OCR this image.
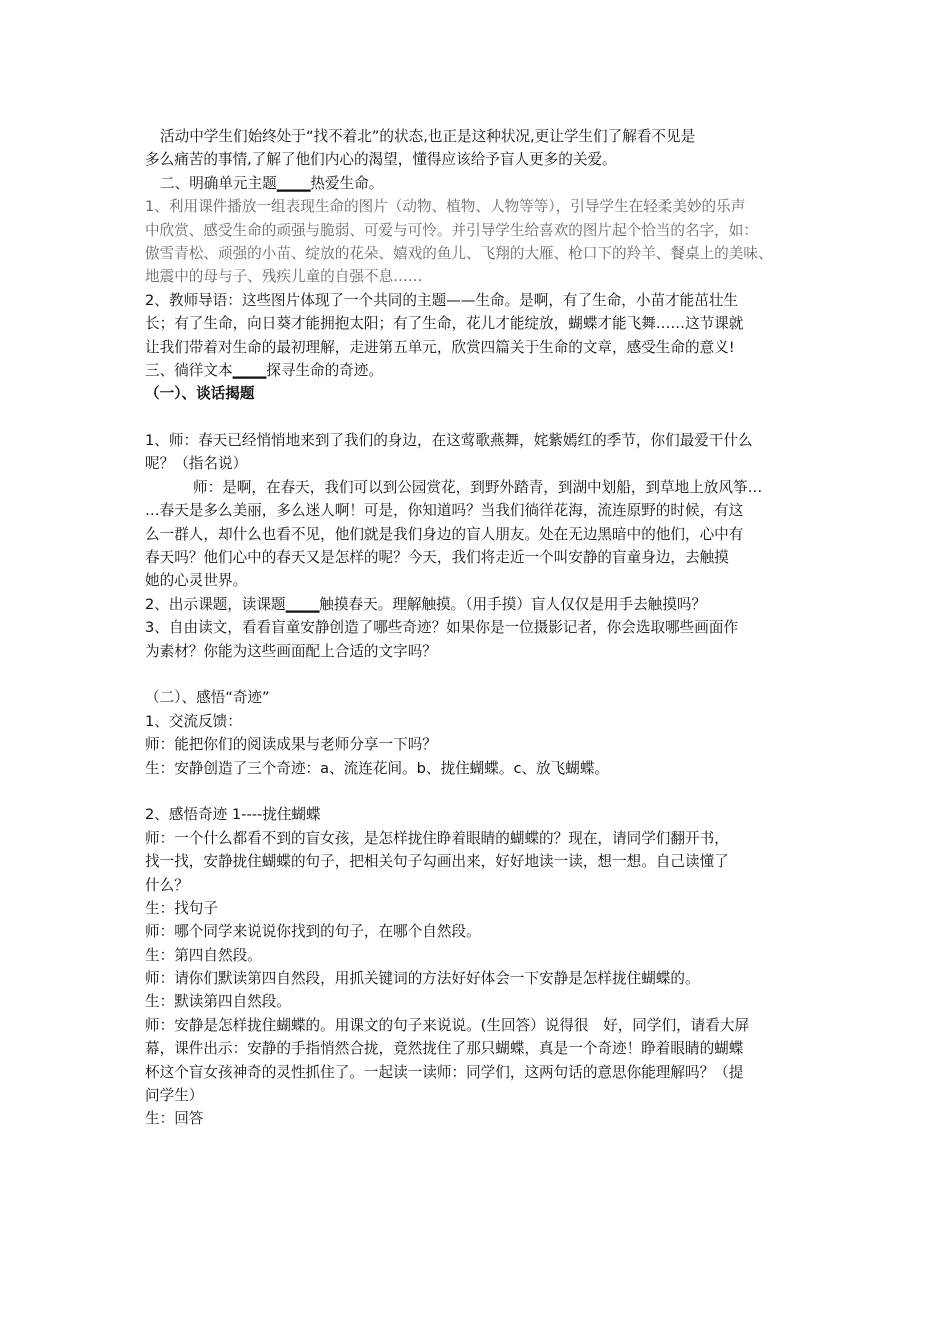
活动中学生们始终处于“找不着北”的状态,也正是这种状况,更让学生们了解看不见是
多么痛苦的事情,了解了他们内心的渴望，懂得应该给予盲人更多的关爱。
二、明确单元主题▁▁▁热爱生命。
1、利用课件播放一组表现生命的图片（动物、植物、人物等等），引导学生在轻柔美妙的乐声
中欣赏、感受生命的顽强与脆弱、可爱与可怜。并引导学生给喜欢的图片起个恰当的名字，如：
傲雪青松、顽强的小苗、绽放的花朵、嬉戏的鱼儿、飞翔的大雁、枪口下的羚羊、餐桌上的美味、
地震中的母与子、残疾儿童的自强不息……
2、教师导语：这些图片体现了一个共同的主题——生命。是啊，有了生命，小苗才能茁壮生
长；有了生命，向日葵才能拥抱太阳；有了生命，花儿才能绽放，蝴蝶才能飞舞……这节课就
让我们带着对生命的最初理解，走进第五单元，欣赏四篇关于生命的文章，感受生命的意义!
三、徜徉文本▁▁▁探寻生命的奇迹。
（一）、谈话揭题
1、师：春天已经悄悄地来到了我们的身边，在这莺歌燕舞，姹紫嫣红的季节，你们最爱干什么
呢？（指名说）
师：是啊，在春天，我们可以到公园赏花，到野外踏青，到湖中划船，到草地上放风筝…
…春天是多么美丽，多么迷人啊！可是，你知道吗？当我们徜徉花海，流连原野的时候，有这
么一群人，却什么也看不见，他们就是我们身边的盲人朋友。处在无边黑暗中的他们，心中有
春天吗？他们心中的春天又是怎样的呢？今天，我们将走近一个叫安静的盲童身边，去触摸
她的心灵世界。
2、出示课题，读课题▁▁▁触摸春天。理解触摸。（用手摸）盲人仅仅是用手去触摸吗？
3、自由读文，看看盲童安静创造了哪些奇迹？如果你是一位摄影记者，你会选取哪些画面作
为素材？你能为这些画面配上合适的文字吗？
（二）、感悟“奇迹”
1、交流反馈：
师：能把你们的阅读成果与老师分享一下吗？
生：安静创造了三个奇迹：a、流连花间。b、拢住蝴蝶。c、放飞蝴蝶。
2、感悟奇迹 1----拢住蝴蝶
师：一个什么都看不到的盲女孩，是怎样拢住睁着眼睛的蝴蝶的？现在，请同学们翻开书，
找一找，安静拢住蝴蝶的句子，把相关句子勾画出来，好好地读一读，想一想。自己读懂了
什么？
生：找句子
师：哪个同学来说说你找到的句子，在哪个自然段。
生：第四自然段。
师：请你们默读第四自然段，用抓关键词的方法好好体会一下安静是怎样拢住蝴蝶的。
生：默读第四自然段。
师：安静是怎样拢住蝴蝶的。用课文的句子来说说。(生回答）说得很　好，同学们，请看大屏
幕，课件出示：安静的手指悄然合拢，竟然拢住了那只蝴蝶，真是一个奇迹！睁着眼睛的蝴蝶
杯这个盲女孩神奇的灵性抓住了。一起读一读师：同学们，这两句话的意思你能理解吗？（提
问学生）
生：回答
